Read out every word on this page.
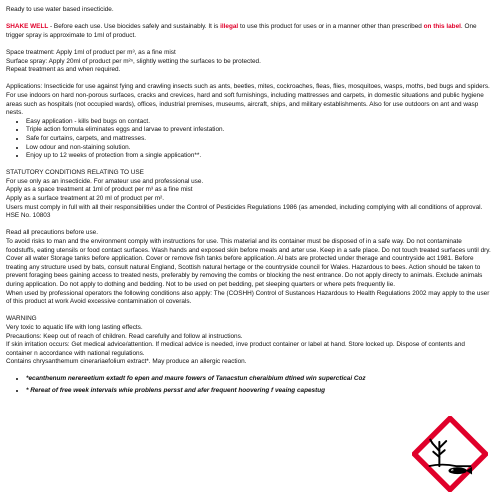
Ready to use water based insecticide.

SHAKE WELL - Before each use. Use biocides safely and sustainably. It is illegal to use this product for uses or in a manner other than prescribed on this label. One trigger spray is approximate to 1ml of product.

Space treatment: Apply 1ml of product per m³, as a fine mist

Surface spray: Apply 20ml of product per m²ⁿ, slightly wetting the surfaces to be protected.

Repeat treatment as and when required.

Applications: Insecticide for use against fying and crawling insects such as ants, beetles, mites, cockroaches, fleas, flies, mosquitoes, wasps, moths, bed bugs and spiders. For use indoors on hard non-porous surfaces, cracks and crevices, hard and soft furnishings, including mattresses and carpets, in domestic situations and public hygiene areas such as hospitals (not occupied wards), offices, industrial premises, museums, aircraft, ships, and military establishments. Also for use outdoors on ant and wasp nests.

• Easy application - kills bed bugs on contact.
• Triple action formula eliminates eggs and larvae to prevent infestation.
• Safe for curtains, carpets, and mattresses.
• Low odour and non-staining solution.
• Enjoy up to 12 weeks of protection from a single application**.

STATUTORY CONDITIONS RELATING TO USE

For use only as an insecticide. For amateur use and professional use.

Apply as a space treatment at 1ml of product per m³ as a fine mist

Apply as a surface treatment at 20 ml of product per m².

Users must comply in full with all their responsibilities under the Control of Pesticides Regulations 1986 (as amended, including complying with all conditions of approval.

HSE No. 10803

Read all precautions before use.

To avoid risks to man and the environment comply with instructions for use. This material and its container must be disposed of in a safe way. Do not contaminate foodstuffs, eating utensils or food contact surfaces. Wash hands and exposed skin before meals and arter use. Keep in a safe place. Do not touch treated surfaces until dry. Cover all water Storage tanks before application. Cover or remove fish tanks before application. Al bats are protected under therage and countryside act 1981. Before treating any structure used by bats, consult natural England, Scottish natural hertage or the countryside council for Wales. Hazardous to bees. Action should be taken to prevent foraging bees gaining access to treated nests, preferably by removing the combs or blocking the nest entrance. Do not apply directy to animals. Exclude animals during application. Do not apply to dothing and bedding. Not to be used on pet bedding, pet sleeping quarters or where pets frequently lie.

When used by professional operators the following conditions also apply: The (COSHH) Control of Sustances Hazardous to Health Regulations 2002 may apply to the user of this product at work Avoid excessive contamination ol coverals.

WARNING

Very toxic to aquatic life with long lasting effects.

Precautions: Keep out of reach of children. Read carefully and follow al instructions.

If skin irritation occurs: Get medical advice/attention. If medical advice is needed, inve product container or label at hand. Store locked up. Dispose of contents and container n accordance with national regulations.

Contains chrysanthemum cinerariaefolium extract*. May produce an allergic reaction.

• *ecanthenum nerereetium extadt fo epen and maure fowers of Tanacstun cheraibium dtined win supercticai Coz
• * Rereat of free week intervals whie problens persst and afer frequent hoovering f veaing capestug
